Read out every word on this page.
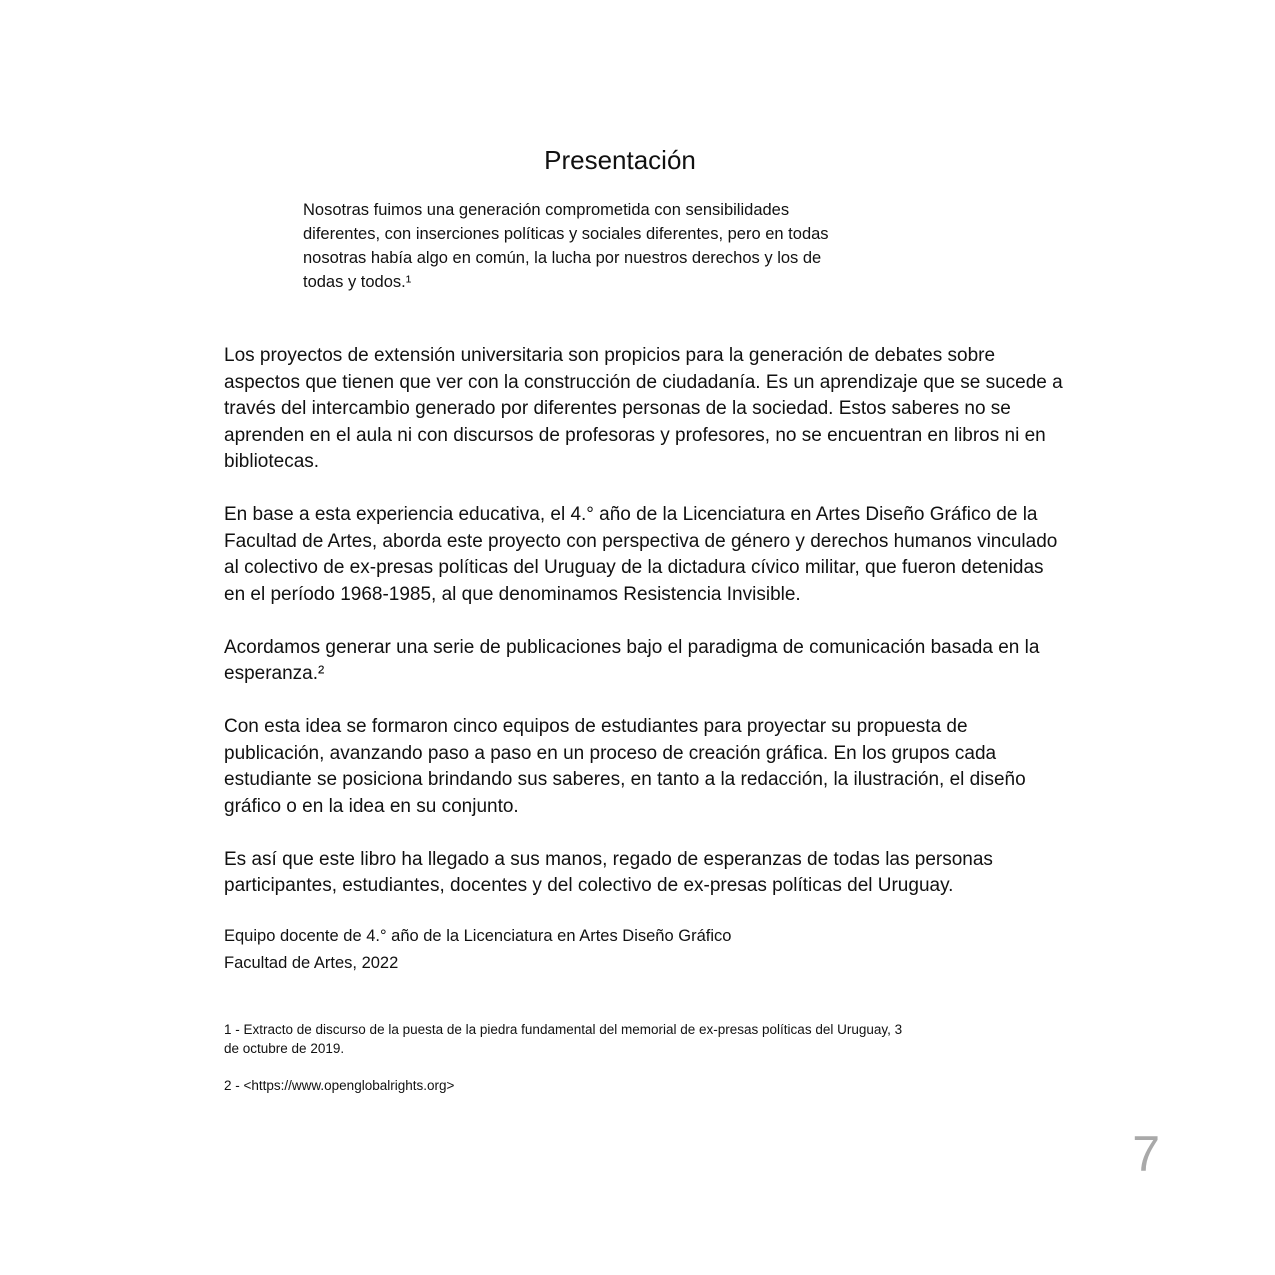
Presentación
Nosotras fuimos una generación comprometida con sensibilidades
diferentes, con inserciones políticas y sociales diferentes, pero en todas
nosotras había algo en común, la lucha por nuestros derechos y los de
todas y todos.¹

Los proyectos de extensión universitaria son propicios para la generación de debates sobre aspectos que tienen que ver con la construcción de ciudadanía. Es un aprendizaje que se sucede a través del intercambio generado por diferentes personas de la sociedad. Estos saberes no se aprenden en el aula ni con discursos de profesoras y profesores, no se encuentran en libros ni en bibliotecas.

En base a esta experiencia educativa, el 4.° año de la Licenciatura en Artes Diseño Gráfico de la Facultad de Artes, aborda este proyecto con perspectiva de género y derechos humanos vinculado al colectivo de ex-presas políticas del Uruguay de la dictadura cívico militar, que fueron detenidas en el período 1968-1985, al que denominamos Resistencia Invisible.

Acordamos generar una serie de publicaciones bajo el paradigma de comunicación basada en la esperanza.²

Con esta idea se formaron cinco equipos de estudiantes para proyectar su propuesta de publicación, avanzando paso a paso en un proceso de creación gráfica. En los grupos cada estudiante se posiciona brindando sus saberes, en tanto a la redacción, la ilustración, el diseño gráfico o en la idea en su conjunto.

Es así que este libro ha llegado a sus manos, regado de esperanzas de todas las personas participantes, estudiantes, docentes y del colectivo de ex-presas políticas del Uruguay.

Equipo docente de 4.° año de la Licenciatura en Artes Diseño Gráfico
Facultad de Artes, 2022

1 - Extracto de discurso de la puesta de la piedra fundamental del memorial de ex-presas políticas del Uruguay, 3 de octubre de 2019.

2 - <https://www.openglobalrights.org>

7
